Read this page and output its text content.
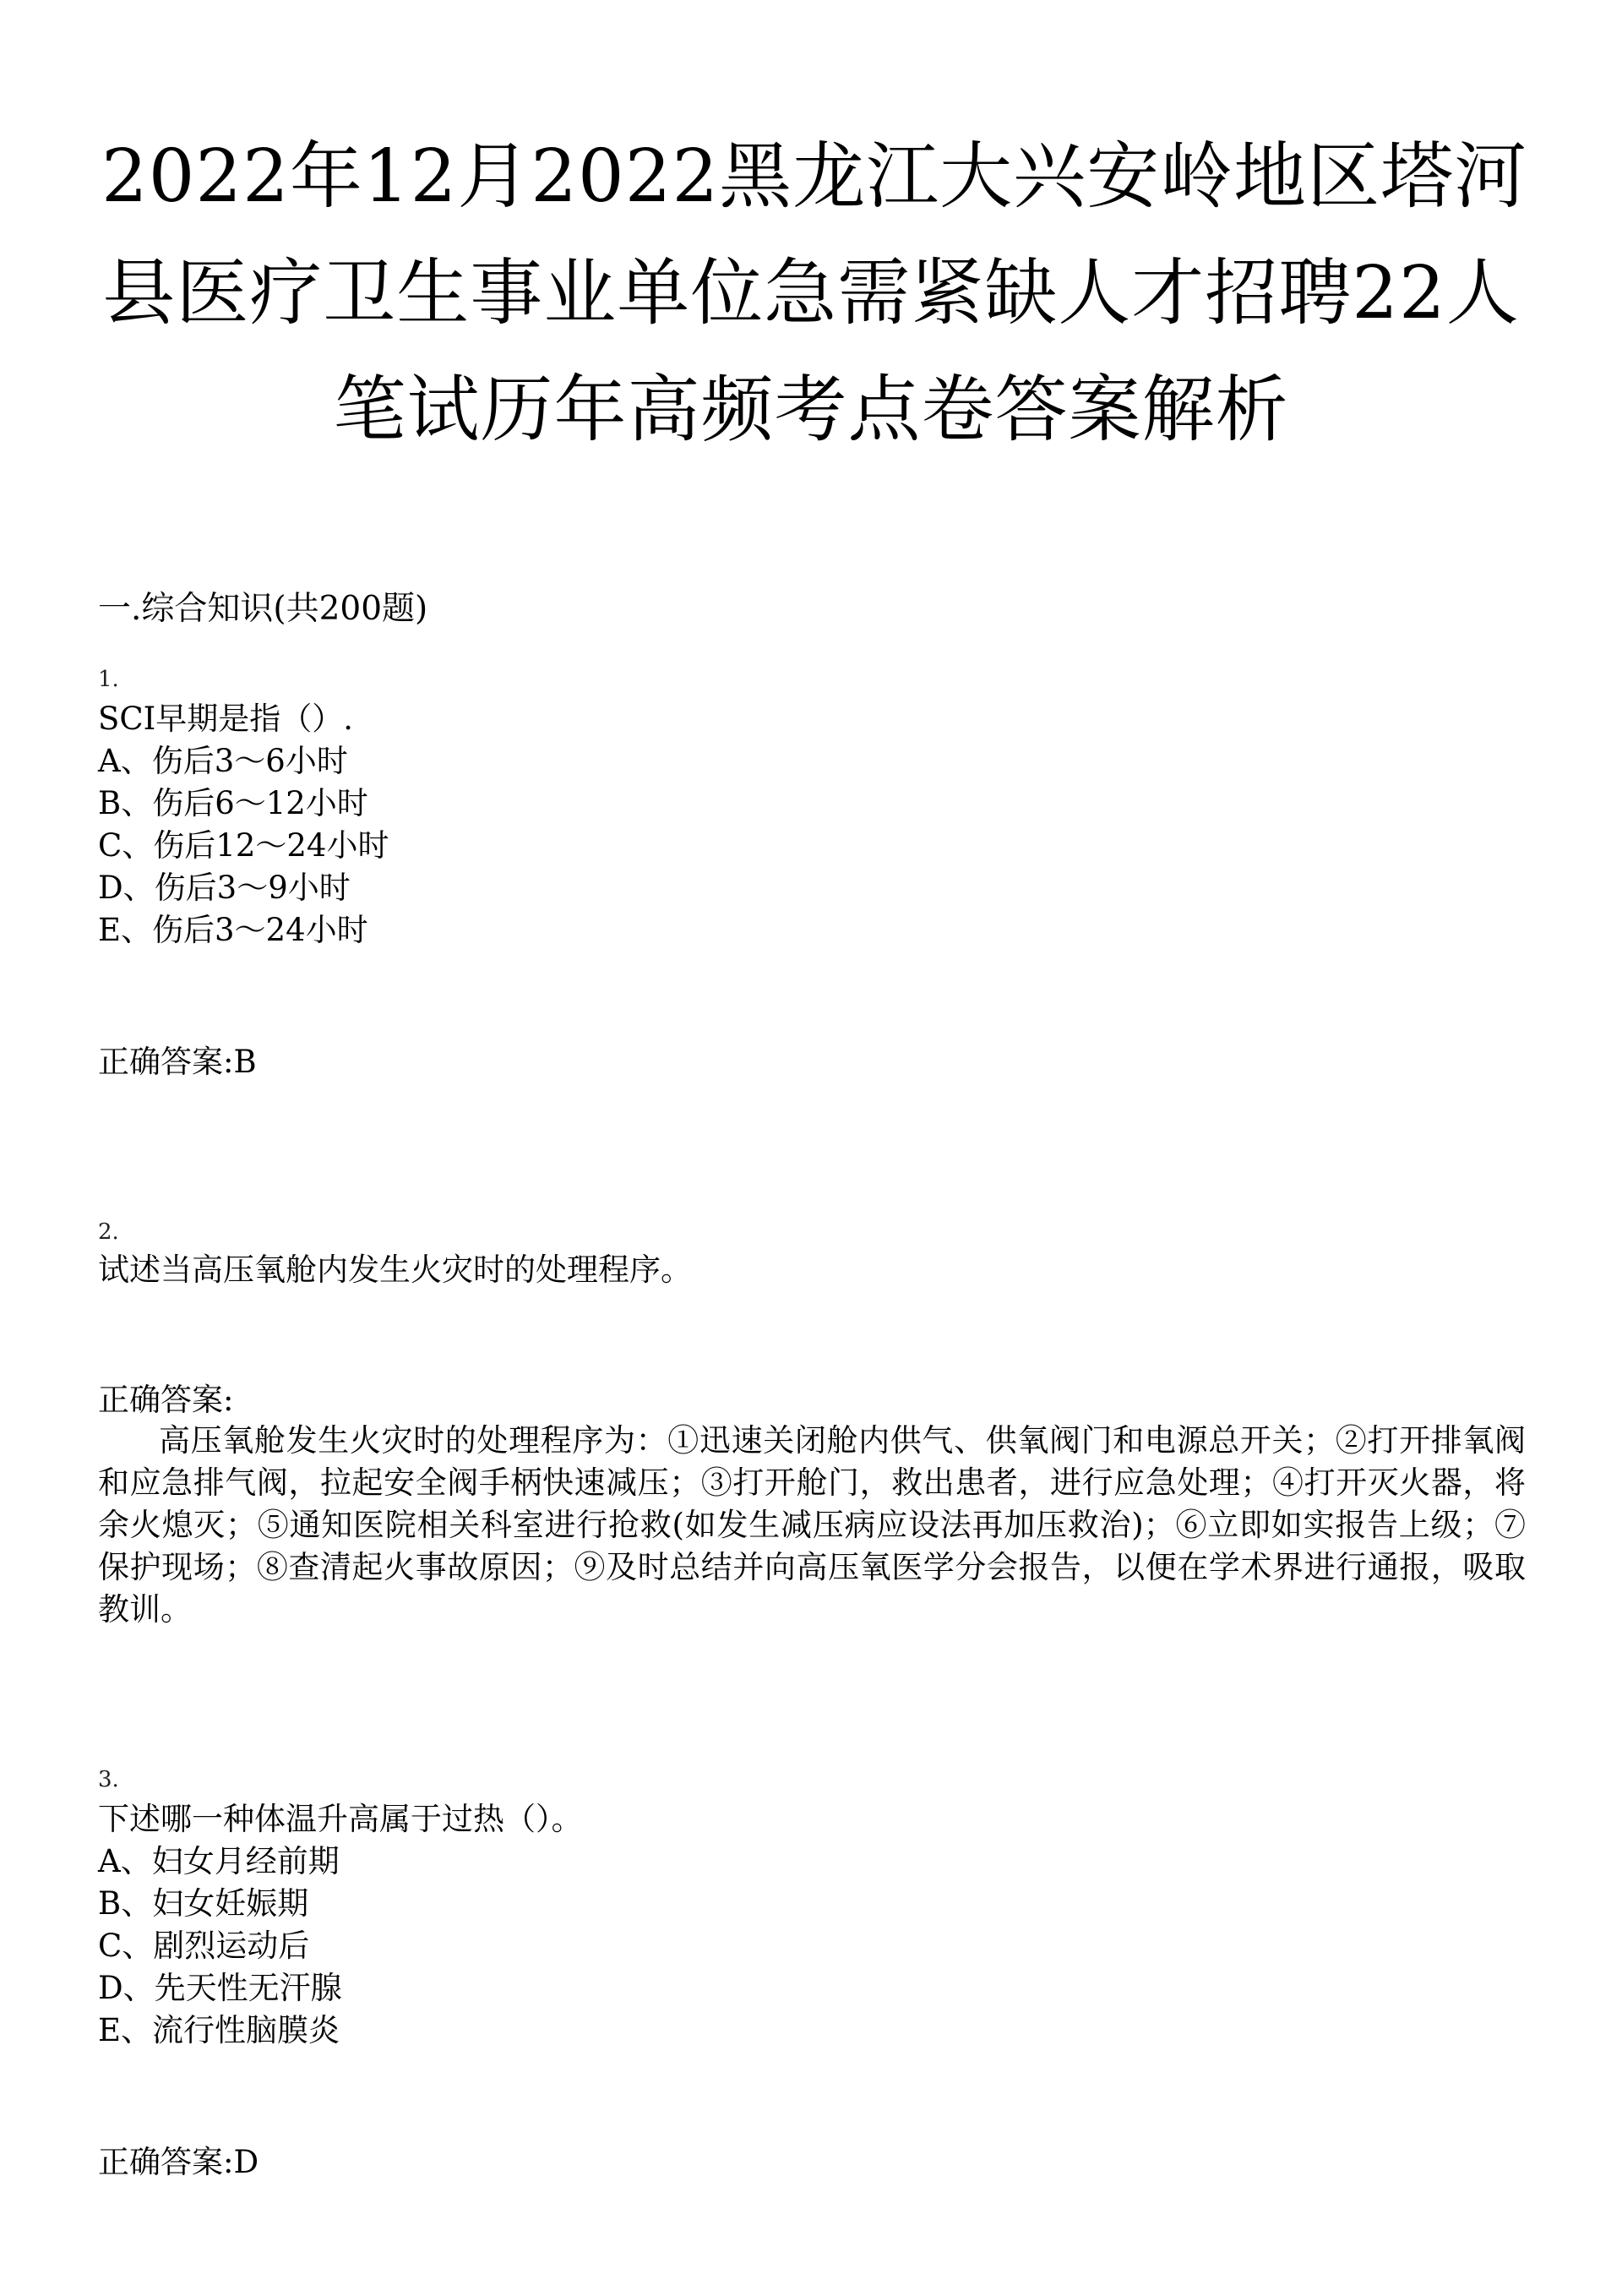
2022年12月2022黑龙江大兴安岭地区塔河
县医疗卫生事业单位急需紧缺人才招聘22人
笔试历年高频考点卷答案解析
一.综合知识(共200题)
1.
SCI早期是指（）.
A、伤后3～6小时
B、伤后6～12小时
C、伤后12～24小时
D、伤后3～9小时
E、伤后3～24小时
正确答案:B
2.
试述当高压氧舱内发生火灾时的处理程序。
正确答案:
高压氧舱发生火灾时的处理程序为：①迅速关闭舱内供气、供氧阀门和电源总开关；②打开排氧阀和应急排气阀，拉起安全阀手柄快速减压；③打开舱门，救出患者，进行应急处理；④打开灭火器，将余火熄灭；⑤通知医院相关科室进行抢救(如发生减压病应设法再加压救治)；⑥立即如实报告上级；⑦保护现场；⑧查清起火事故原因；⑨及时总结并向高压氧医学分会报告，以便在学术界进行通报，吸取教训。
3.
下述哪一种体温升高属于过热（）。
A、妇女月经前期
B、妇女妊娠期
C、剧烈运动后
D、先天性无汗腺
E、流行性脑膜炎
正确答案:D
